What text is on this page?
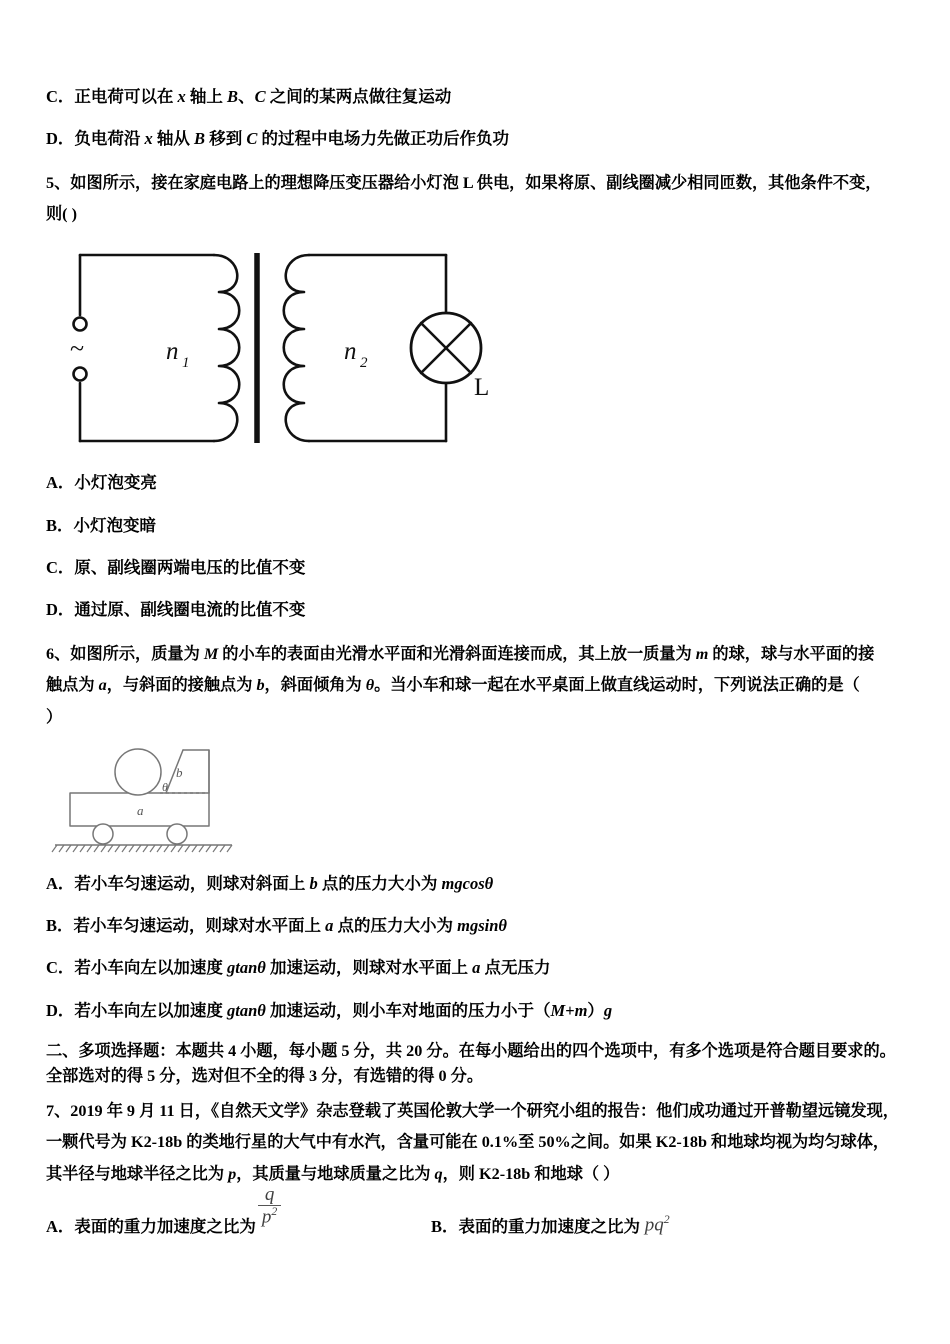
C．正电荷可以在 x 轴上 B、C 之间的某两点做往复运动
D．负电荷沿 x 轴从 B 移到 C 的过程中电场力先做正功后作负功
5、如图所示，接在家庭电路上的理想降压变压器给小灯泡 L 供电，如果将原、副线圈减少相同匝数，其他条件不变，
则( )
~	n 1	n 2
L
A．小灯泡变亮
B．小灯泡变暗
C．原、副线圈两端电压的比值不变
D．通过原、副线圈电流的比值不变
6、如图所示，质量为 M 的小车的表面由光滑水平面和光滑斜面连接而成，其上放一质量为 m 的球，球与水平面的接
触点为 a，与斜面的接触点为 b，斜面倾角为 θ。当小车和球一起在水平桌面上做直线运动时，下列说法正确的是（
）
a
b
θ
A．若小车匀速运动，则球对斜面上 b 点的压力大小为 mgcosθ
B．若小车匀速运动，则球对水平面上 a 点的压力大小为 mgsinθ
C．若小车向左以加速度 gtanθ 加速运动，则球对水平面上 a 点无压力
D．若小车向左以加速度 gtanθ 加速运动，则小车对地面的压力小于（M+m）g
二、多项选择题：本题共 4 小题，每小题 5 分，共 20 分。在每小题给出的四个选项中，有多个选项是符合题目要求的。
全部选对的得 5 分，选对但不全的得 3 分，有选错的得 0 分。
7、2019 年 9 月 11 日，《自然天文学》杂志登载了英国伦敦大学一个研究小组的报告：他们成功通过开普勒望远镜发现，
一颗代号为 K2-18b 的类地行星的大气中有水汽，含量可能在 0.1%至 50%之间。如果 K2-18b 和地球均视为均匀球体，
其半径与地球半径之比为 p，其质量与地球质量之比为 q，则 K2-18b 和地球（ ）
A． 表面的重力加速度之比为 $\frac{q}{p^2}$	B． 表面的重力加速度之比为 $pq^2$
